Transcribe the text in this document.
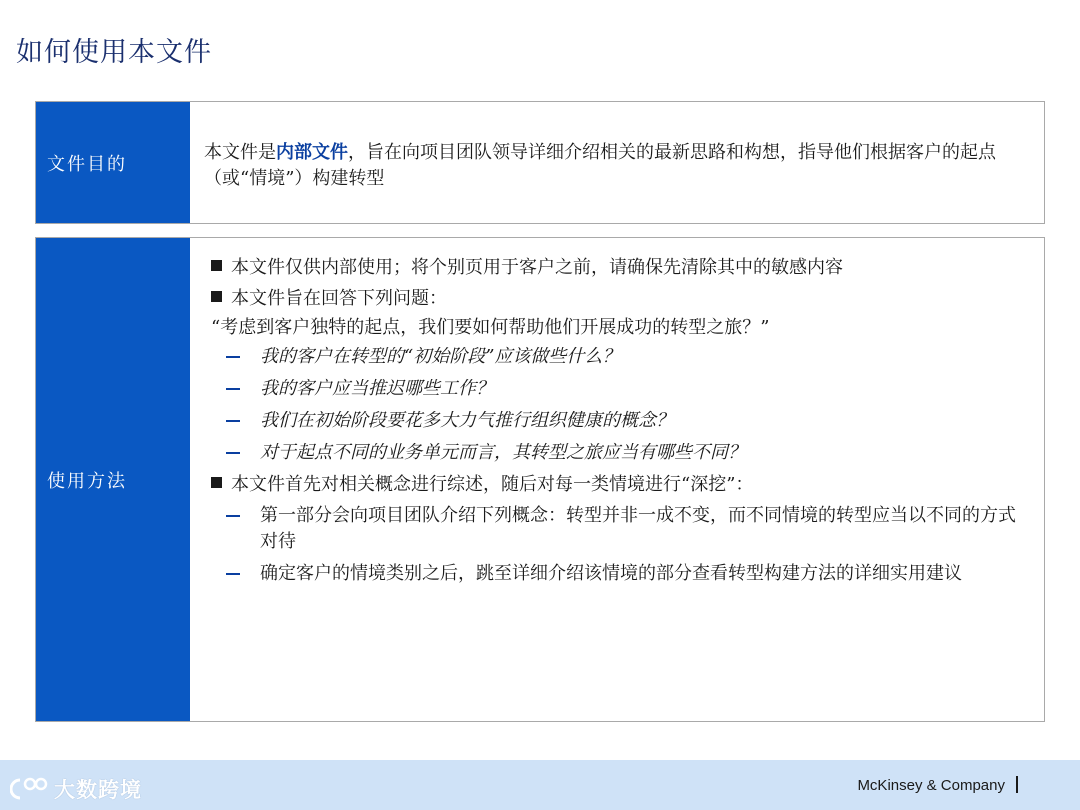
如何使用本文件
文件目的
本文件是内部文件，旨在向项目团队领导详细介绍相关的最新思路和构想，指导他们根据客户的起点（或“情境”）构建转型
使用方法
本文件仅供内部使用；将个别页用于客户之前，请确保先清除其中的敏感内容
本文件旨在回答下列问题：
“考虑到客户独特的起点，我们要如何帮助他们开展成功的转型之旅？”
我的客户在转型的“初始阶段”应该做些什么？
我的客户应当推迟哪些工作？
我们在初始阶段要花多大力气推行组织健康的概念？
对于起点不同的业务单元而言，其转型之旅应当有哪些不同？
本文件首先对相关概念进行综述，随后对每一类情境进行“深挖”：
第一部分会向项目团队介绍下列概念：转型并非一成不变，而不同情境的转型应当以不同的方式对待
确定客户的情境类别之后，跳至详细介绍该情境的部分查看转型构建方法的详细实用建议
大数跨境	McKinsey & Company
